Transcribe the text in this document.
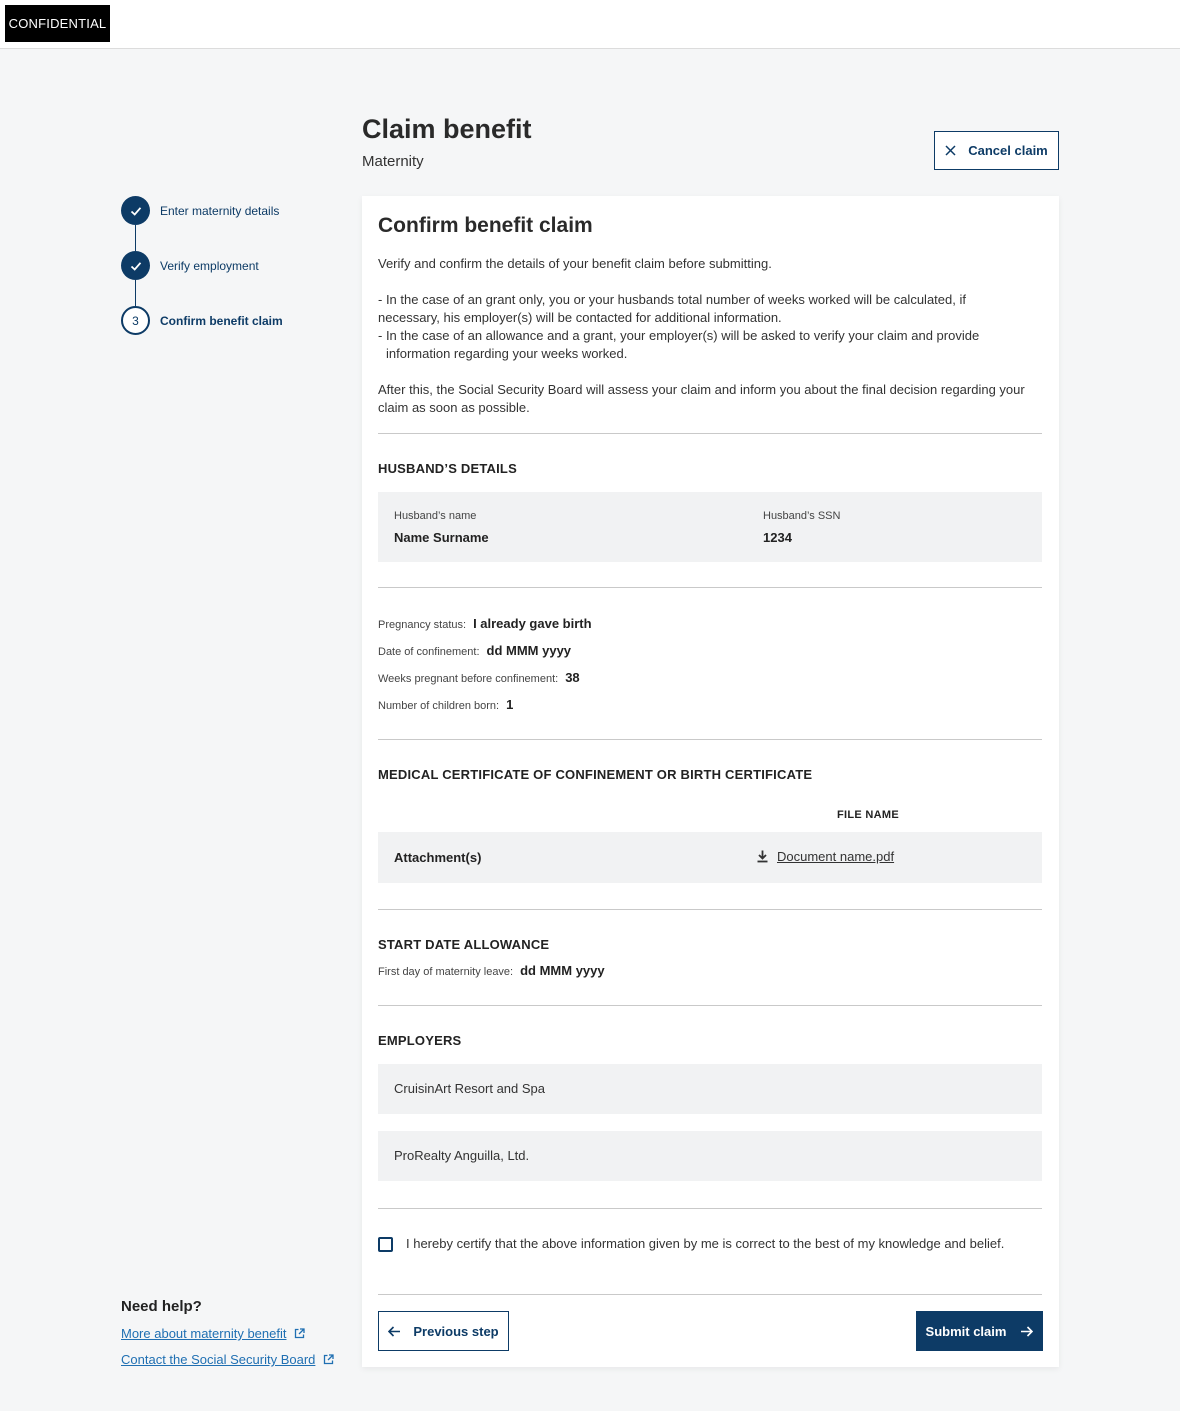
CONFIDENTIAL
Enter maternity details
Verify employment
3	Confirm benefit claim
Claim benefit
Maternity
Cancel claim
Confirm benefit claim
Verify and confirm the details of your benefit claim before submitting.
- In the case of an grant only, you or your husbands total number of weeks worked will be calculated, if
necessary, his employer(s) will be contacted for additional information.
- In the case of an allowance and a grant, your employer(s) will be asked to verify your claim and provide
information regarding your weeks worked.
After this, the Social Security Board will assess your claim and inform you about the final decision regarding your
claim as soon as possible.
HUSBAND’S DETAILS
Husband’s name
Name Surname
Husband’s SSN
1234
Pregnancy status: I already gave birth
Date of confinement: dd MMM yyyy
Weeks pregnant before confinement: 38
Number of children born: 1
MEDICAL CERTIFICATE OF CONFINEMENT OR BIRTH CERTIFICATE
FILE NAME
Attachment(s)	Document name.pdf
START DATE ALLOWANCE
First day of maternity leave: dd MMM yyyy
EMPLOYERS
CruisinArt Resort and Spa
ProRealty Anguilla, Ltd.
I hereby certify that the above information given by me is correct to the best of my knowledge and belief.
Previous step	Submit claim
Need help?
More about maternity benefit
Contact the Social Security Board
